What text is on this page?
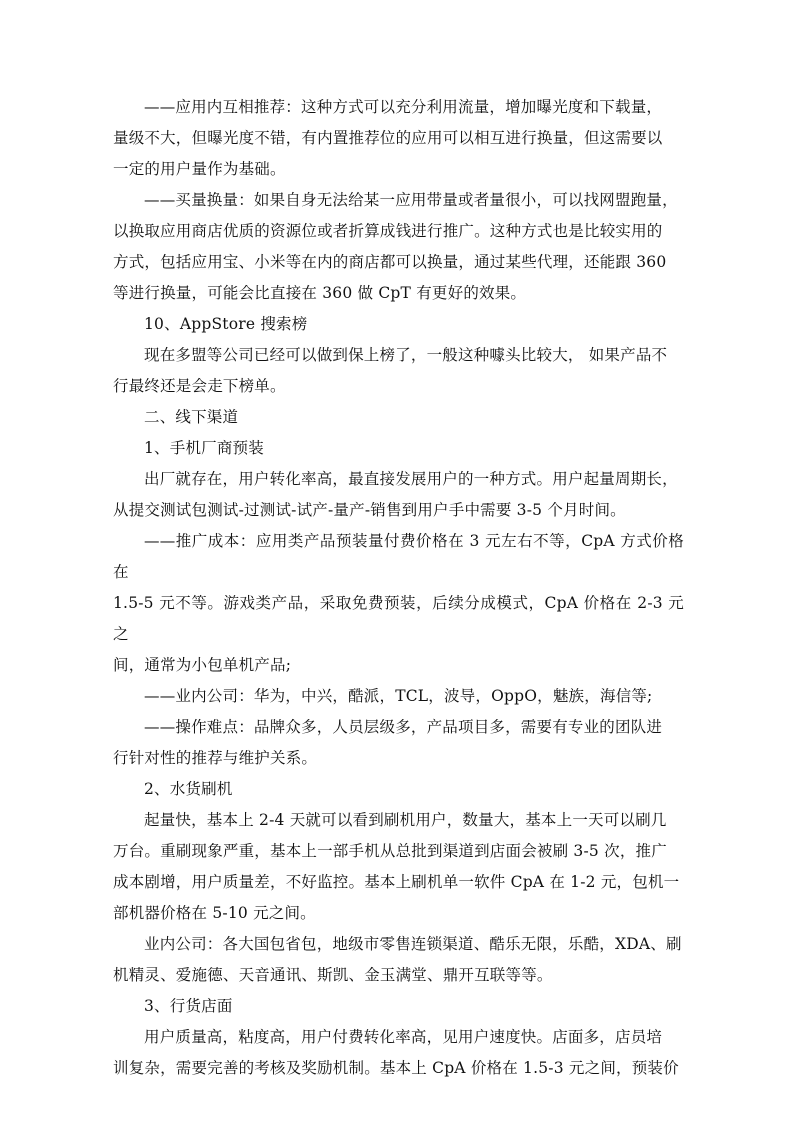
——应用内互相推荐：这种方式可以充分利用流量，增加曝光度和下载量，
量级不大，但曝光度不错，有内置推荐位的应用可以相互进行换量，但这需要以
一定的用户量作为基础。

——买量换量：如果自身无法给某一应用带量或者量很小，可以找网盟跑量，
以换取应用商店优质的资源位或者折算成钱进行推广。这种方式也是比较实用的
方式，包括应用宝、小米等在内的商店都可以换量，通过某些代理，还能跟 360
等进行换量，可能会比直接在 360 做 CpT 有更好的效果。

10、AppStore 搜索榜

现在多盟等公司已经可以做到保上榜了，一般这种噱头比较大， 如果产品不
行最终还是会走下榜单。

二、线下渠道

1、手机厂商预装

出厂就存在，用户转化率高，最直接发展用户的一种方式。用户起量周期长，
从提交测试包测试-过测试-试产-量产-销售到用户手中需要 3-5 个月时间。

——推广成本：应用类产品预装量付费价格在 3 元左右不等，CpA 方式价格在
1.5-5 元不等。游戏类产品，采取免费预装，后续分成模式，CpA 价格在 2-3 元之
间，通常为小包单机产品;

——业内公司：华为，中兴，酷派，TCL，波导，OppO，魅族，海信等;

——操作难点：品牌众多，人员层级多，产品项目多，需要有专业的团队进
行针对性的推荐与维护关系。

2、水货刷机

起量快，基本上 2-4 天就可以看到刷机用户，数量大，基本上一天可以刷几
万台。重刷现象严重，基本上一部手机从总批到渠道到店面会被刷 3-5 次，推广
成本剧增，用户质量差，不好监控。基本上刷机单一软件 CpA 在 1-2 元，包机一
部机器价格在 5-10 元之间。

业内公司：各大国包省包，地级市零售连锁渠道、酷乐无限，乐酷，XDA、刷
机精灵、爱施德、天音通讯、斯凯、金玉满堂、鼎开互联等等。

3、行货店面

用户质量高，粘度高，用户付费转化率高，见用户速度快。店面多，店员培
训复杂，需要完善的考核及奖励机制。基本上 CpA 价格在 1.5-3 元之间，预装价
